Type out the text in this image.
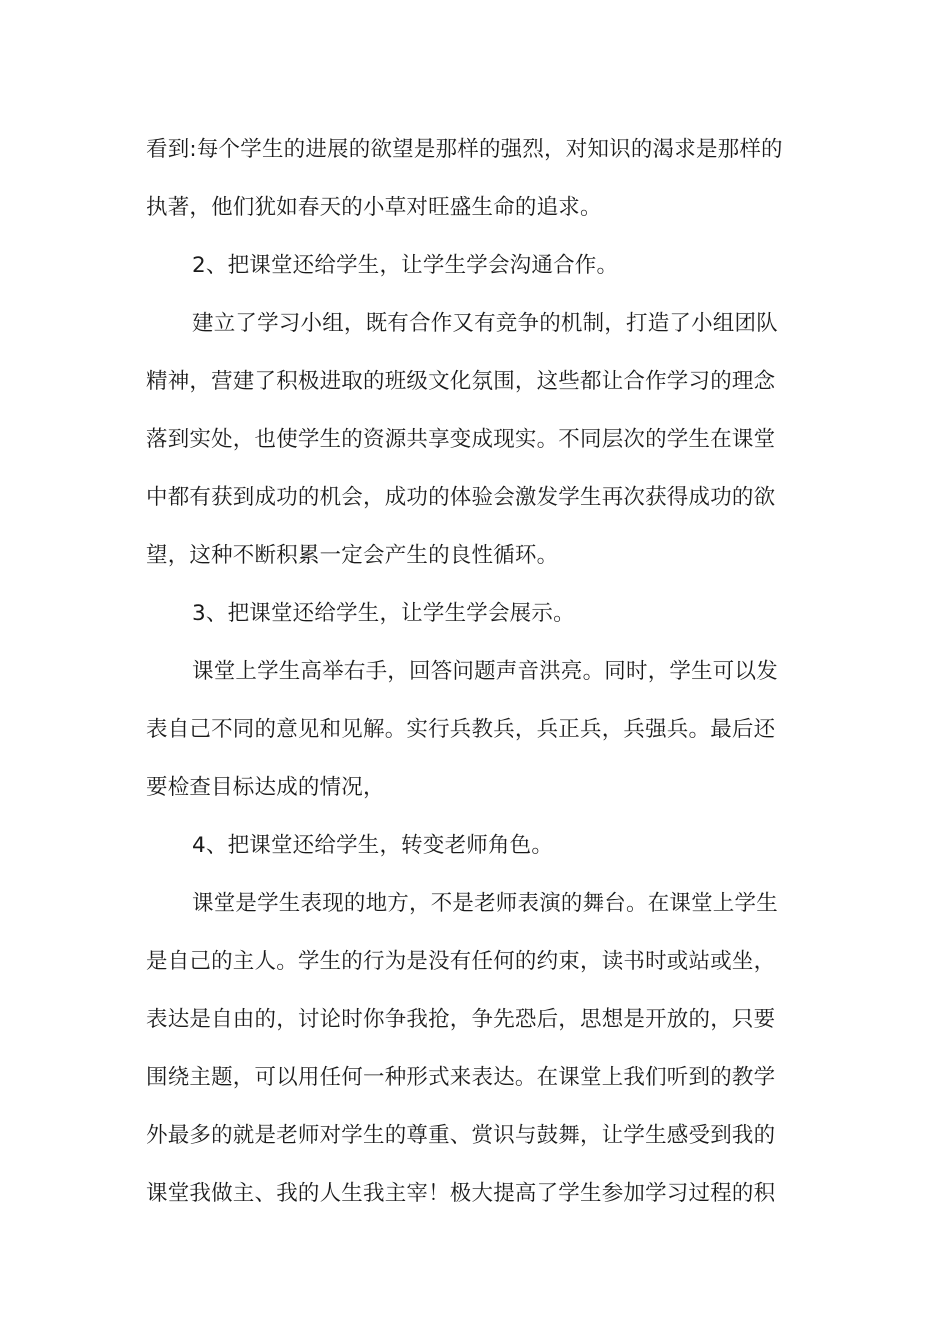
看到:每个学生的进展的欲望是那样的强烈，对知识的渴求是那样的
执著，他们犹如春天的小草对旺盛生命的追求。
2、把课堂还给学生，让学生学会沟通合作。
建立了学习小组，既有合作又有竞争的机制，打造了小组团队
精神，营建了积极进取的班级文化氛围，这些都让合作学习的理念
落到实处，也使学生的资源共享变成现实。不同层次的学生在课堂
中都有获到成功的机会，成功的体验会激发学生再次获得成功的欲
望，这种不断积累一定会产生的良性循环。
3、把课堂还给学生，让学生学会展示。
课堂上学生高举右手，回答问题声音洪亮。同时，学生可以发
表自己不同的意见和见解。实行兵教兵，兵正兵，兵强兵。最后还
要检查目标达成的情况，
4、把课堂还给学生，转变老师角色。
课堂是学生表现的地方，不是老师表演的舞台。在课堂上学生
是自己的主人。学生的行为是没有任何的约束，读书时或站或坐，
表达是自由的，讨论时你争我抢，争先恐后，思想是开放的，只要
围绕主题，可以用任何一种形式来表达。在课堂上我们听到的教学
外最多的就是老师对学生的尊重、赏识与鼓舞，让学生感受到我的
课堂我做主、我的人生我主宰！极大提高了学生参加学习过程的积
